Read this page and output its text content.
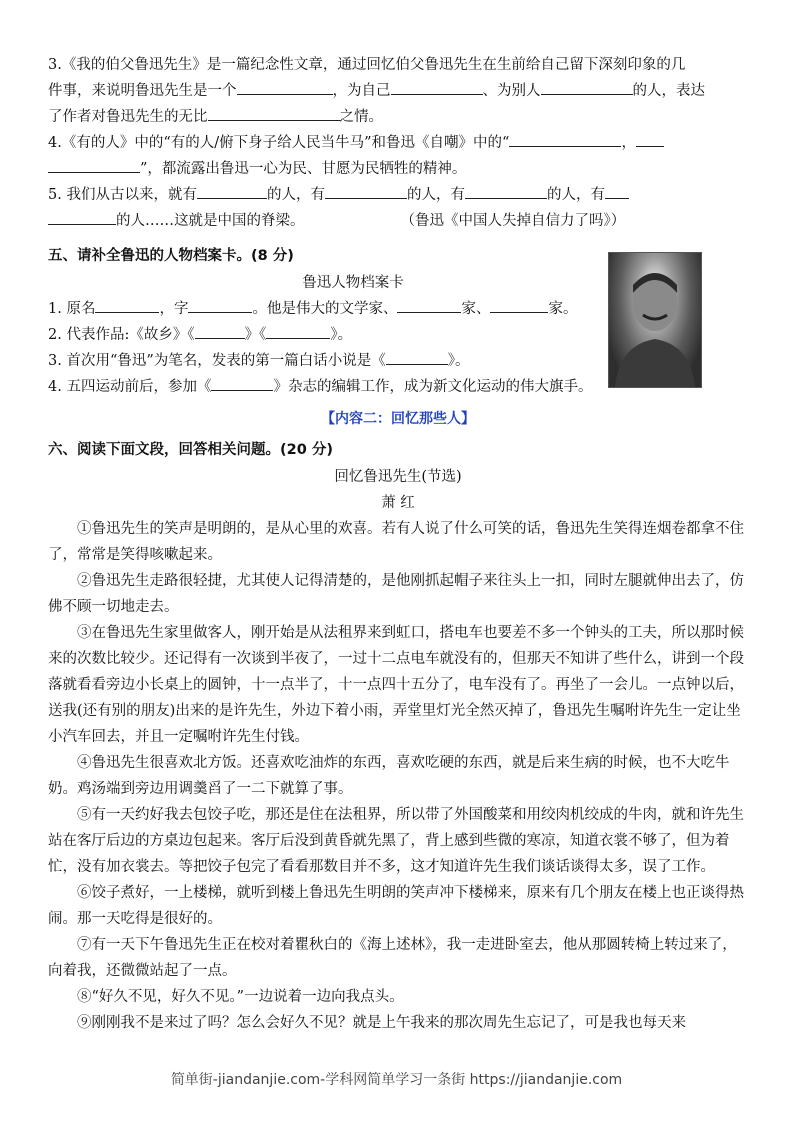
3.《我的伯父鲁迅先生》是一篇纪念性文章，通过回忆伯父鲁迅先生在生前给自己留下深刻印象的几

件事，来说明鲁迅先生是一个	，为自己	、为别人	的人，表达

了作者对鲁迅先生的无比	之情。

4.《有的人》中的“有的人/俯下身子给人民当牛马”和鲁迅《自嘲》中的“	，

”，都流露出鲁迅一心为民、甘愿为民牺牲的精神。

5. 我们从古以来，就有	的人，有	的人，有	的人，有

的人……这就是中国的脊梁。	（鲁迅《中国人失掉自信力了吗》）

五、请补全鲁迅的人物档案卡。(8 分)

鲁迅人物档案卡

1. 原名	，字	。他是伟大的文学家、	家、	家。

2. 代表作品:《故乡》《	》《	》。

3. 首次用“鲁迅”为笔名，发表的第一篇白话小说是《	》。

4. 五四运动前后，参加《	》杂志的编辑工作，成为新文化运动的伟大旗手。

【内容二：回忆那些人】

六、阅读下面文段，回答相关问题。(20 分)

回忆鲁迅先生(节选)

萧 红

①鲁迅先生的笑声是明朗的，是从心里的欢喜。若有人说了什么可笑的话，鲁迅先生笑得连烟卷都拿不住了，常常是笑得咳嗽起来。

②鲁迅先生走路很轻捷，尤其使人记得清楚的，是他刚抓起帽子来往头上一扣，同时左腿就伸出去了，仿佛不顾一切地走去。

③在鲁迅先生家里做客人，刚开始是从法租界来到虹口，搭电车也要差不多一个钟头的工夫，所以那时候来的次数比较少。还记得有一次谈到半夜了，一过十二点电车就没有的，但那天不知讲了些什么，讲到一个段落就看看旁边小长桌上的圆钟，十一点半了，十一点四十五分了，电车没有了。再坐了一会儿。一点钟以后，送我(还有别的朋友)出来的是许先生，外边下着小雨，弄堂里灯光全然灭掉了，鲁迅先生嘱咐许先生一定让坐小汽车回去，并且一定嘱咐许先生付钱。

④鲁迅先生很喜欢北方饭。还喜欢吃油炸的东西，喜欢吃硬的东西，就是后来生病的时候，也不大吃牛奶。鸡汤端到旁边用调羹舀了一二下就算了事。

⑤有一天约好我去包饺子吃，那还是住在法租界，所以带了外国酸菜和用绞肉机绞成的牛肉，就和许先生站在客厅后边的方桌边包起来。客厅后没到黄昏就先黑了，背上感到些微的寒凉，知道衣裳不够了，但为着忙，没有加衣裳去。等把饺子包完了看看那数目并不多，这才知道许先生我们谈话谈得太多，误了工作。

⑥饺子煮好，一上楼梯，就听到楼上鲁迅先生明朗的笑声冲下楼梯来，原来有几个朋友在楼上也正谈得热闹。那一天吃得是很好的。

⑦有一天下午鲁迅先生正在校对着瞿秋白的《海上述林》，我一走进卧室去，他从那圆转椅上转过来了，向着我，还微微站起了一点。

⑧“好久不见，好久不见。”一边说着一边向我点头。

⑨刚刚我不是来过了吗？怎么会好久不见？就是上午我来的那次周先生忘记了，可是我也每天来

简单街-jiandanjie.com-学科网简单学习一条街 https://jiandanjie.com
